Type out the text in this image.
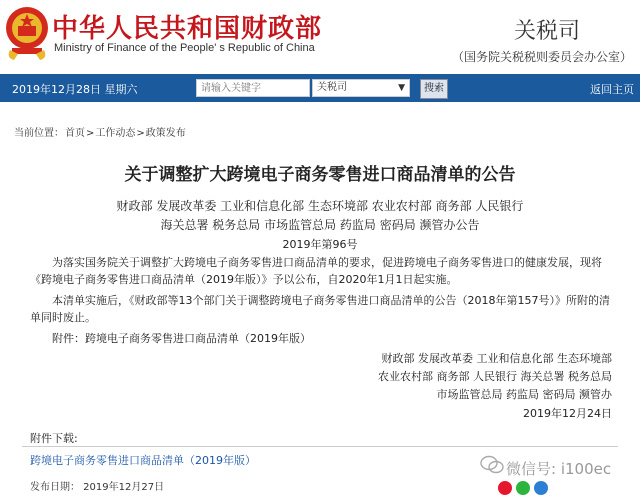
中华人民共和国财政部
Ministry of Finance of the People' s Republic of China
关税司
（国务院关税税则委员会办公室）
2019年12月28日 星期六
请输入关键字	关税司	▼	搜索	返回主页
当前位置：首页>工作动态>政策发布
关于调整扩大跨境电子商务零售进口商品清单的公告
财政部 发展改革委 工业和信息化部 生态环境部 农业农村部 商务部 人民银行
海关总署 税务总局 市场监管总局 药监局 密码局 濒管办公告
2019年第96号
为落实国务院关于调整扩大跨境电子商务零售进口商品清单的要求，促进跨境电子商务零售进口的健康发展，现将《跨境电子商务零售进口商品清单（2019年版）》予以公布，自2020年1月1日起实施。
本清单实施后，《财政部等13个部门关于调整跨境电子商务零售进口商品清单的公告（2018年第157号）》所附的清单同时废止。
附件：跨境电子商务零售进口商品清单（2019年版）
财政部 发展改革委 工业和信息化部 生态环境部
农业农村部 商务部 人民银行 海关总署 税务总局
市场监管总局 药监局 密码局 濒管办
2019年12月24日
附件下载:
跨境电子商务零售进口商品清单（2019年版）
发布日期： 2019年12月27日
微信号: i100ec
